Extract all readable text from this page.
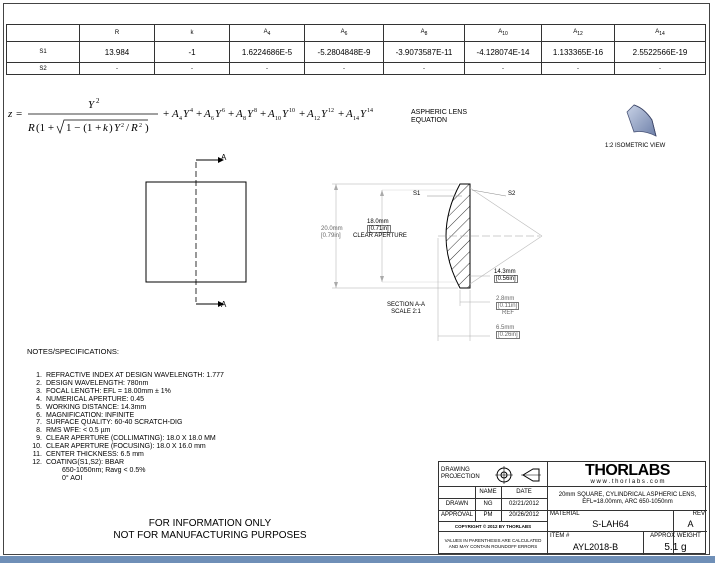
	R	k	$A_4$	$A_6$	$A_8$	$A_{10}$	$A_{12}$	$A_{14}$
S1	13.984	-1	1.6224686E-5	-5.2804848E-9	-3.9073587E-11	-4.128074E-14	1.133365E-16	2.5522566E-19
S2	-	-	-	-	-	-	-	-
z =
Y 2
R (1 + 1 − (1 + k ) Y 2 / R 2 )
+ A 4 Y 4 + A 6 Y 6 + A 8 Y 8 + A 10 Y 10 + A 12 Y 12 + A 14 Y 14	ASPHERIC LENS
EQUATION
1:2 ISOMETRIC VIEW
A
A
S1	S2
20.0mm
[0.79in]
18.0mm
[0.71in]
CLEAR APERTURE
14.3mm
[0.56in]
2.8mm
[0.11in]
REF
6.5mm
[0.26in]
SECTION A-A
SCALE 2:1
NOTES/SPECIFICATIONS:
1. REFRACTIVE INDEX AT DESIGN WAVELENGTH: 1.777
2. DESIGN WAVELENGTH: 780nm
3. FOCAL LENGTH: EFL = 18.00mm ± 1%
4. NUMERICAL APERTURE: 0.45
5. WORKING DISTANCE: 14.3mm
6. MAGNIFICATION: INFINITE
7. SURFACE QUALITY: 60-40 SCRATCH-DIG
8. RMS WFE: < 0.5 µm
9. CLEAR APERTURE (COLLIMATING): 18.0 X 18.0 MM
10. CLEAR APERTURE (FOCUSING): 18.0 X 16.0 mm
11. CENTER THICKNESS: 6.5 mm
12. COATING(S1,S2): BBAR
650-1050nm; Ravg < 0.5%
0° AOI
FOR INFORMATION ONLY
NOT FOR MANUFACTURING PURPOSES
DRAWING
PROJECTION
NAME	DATE
DRAWN	NG	02/21/2012
APPROVAL	PM	20/26/2012
COPYRIGHT © 2012 BY THORLABS
VALUES IN PARENTHESIS ARE CALCULATED
AND MAY CONTAIN ROUNDOFF ERRORS
THORLABS
w w w . t h o r l a b s . c o m
20mm SQUARE, CYLINDRICAL ASPHERIC LENS,
EFL=18.00mm, ARC 650-1050nm
MATERIAL
S-LAH64
REV
A
ITEM #
AYL2018-B
APPROX WEIGHT
5.1 g
